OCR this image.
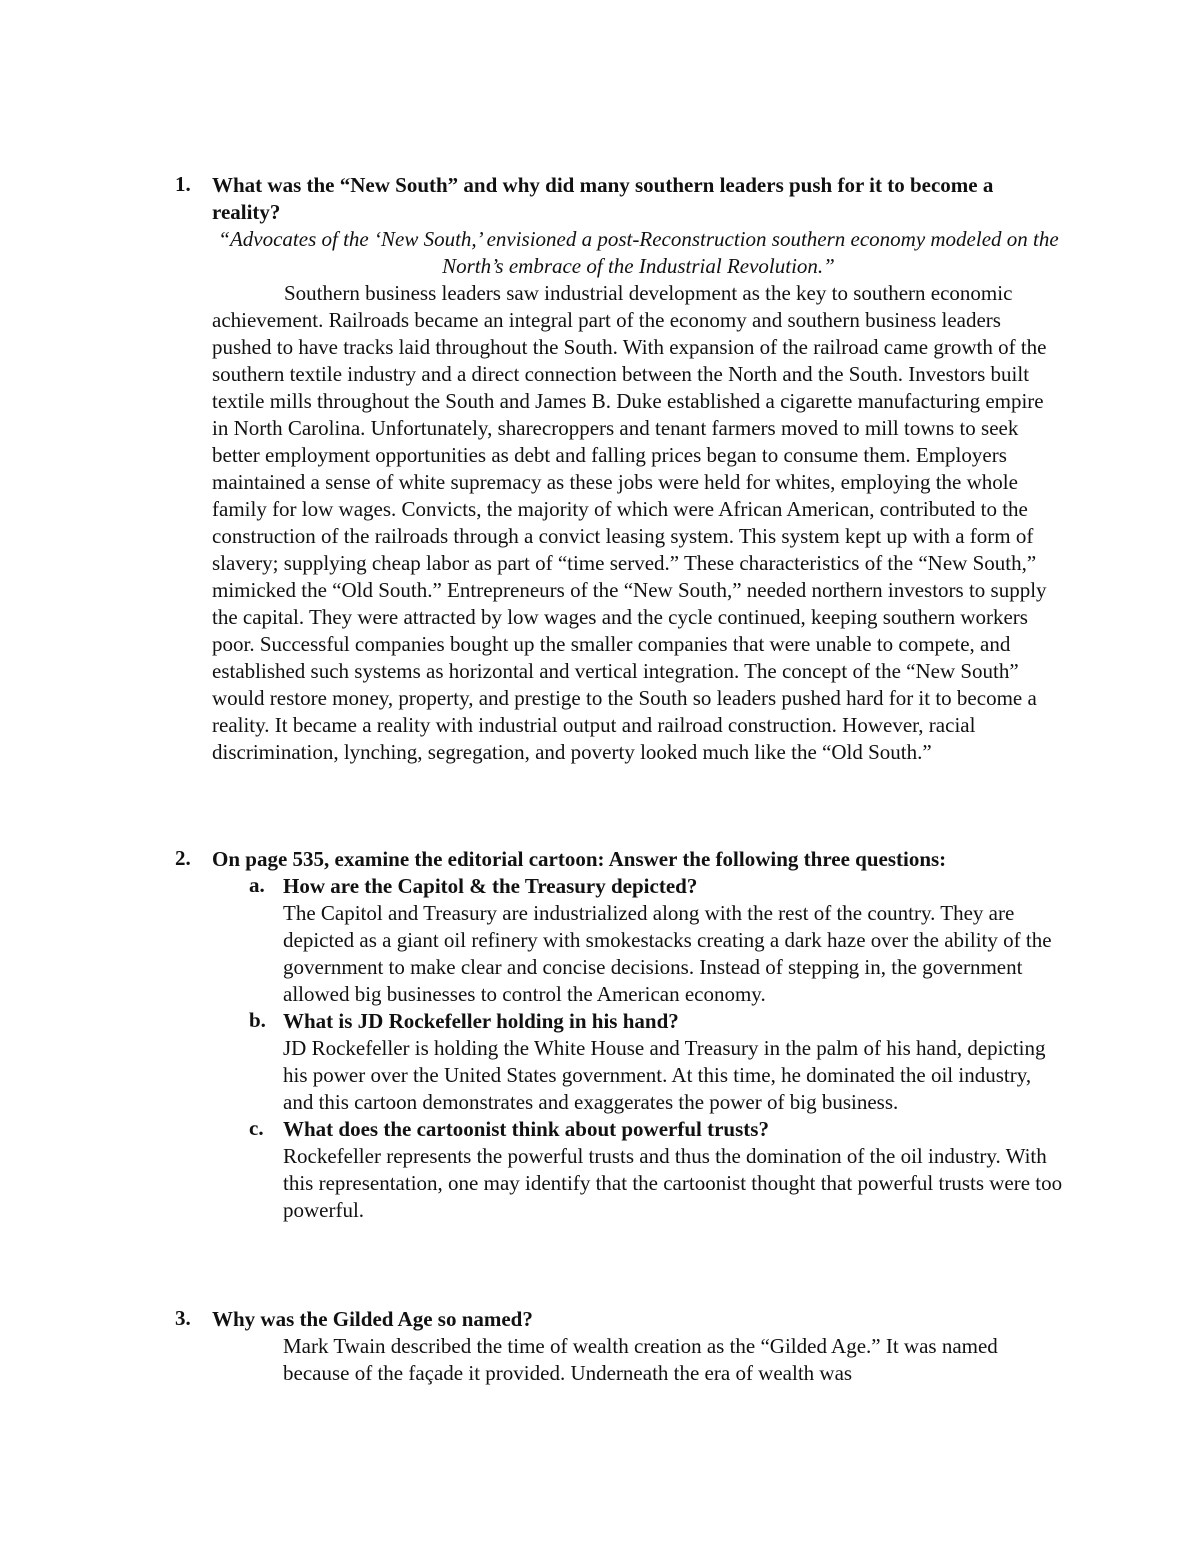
1. What was the “New South” and why did many southern leaders push for it to become a reality?
“Advocates of the ‘New South,’ envisioned a post-Reconstruction southern economy modeled on the North’s embrace of the Industrial Revolution.”
Southern business leaders saw industrial development as the key to southern economic achievement. Railroads became an integral part of the economy and southern business leaders pushed to have tracks laid throughout the South. With expansion of the railroad came growth of the southern textile industry and a direct connection between the North and the South. Investors built textile mills throughout the South and James B. Duke established a cigarette manufacturing empire in North Carolina. Unfortunately, sharecroppers and tenant farmers moved to mill towns to seek better employment opportunities as debt and falling prices began to consume them. Employers maintained a sense of white supremacy as these jobs were held for whites, employing the whole family for low wages. Convicts, the majority of which were African American, contributed to the construction of the railroads through a convict leasing system. This system kept up with a form of slavery; supplying cheap labor as part of “time served.” These characteristics of the “New South,” mimicked the “Old South.” Entrepreneurs of the “New South,” needed northern investors to supply the capital. They were attracted by low wages and the cycle continued, keeping southern workers poor. Successful companies bought up the smaller companies that were unable to compete, and established such systems as horizontal and vertical integration. The concept of the “New South” would restore money, property, and prestige to the South so leaders pushed hard for it to become a reality. It became a reality with industrial output and railroad construction. However, racial discrimination, lynching, segregation, and poverty looked much like the “Old South.”
2. On page 535, examine the editorial cartoon: Answer the following three questions:
a. How are the Capitol & the Treasury depicted?
The Capitol and Treasury are industrialized along with the rest of the country. They are depicted as a giant oil refinery with smokestacks creating a dark haze over the ability of the government to make clear and concise decisions. Instead of stepping in, the government allowed big businesses to control the American economy.
b. What is JD Rockefeller holding in his hand?
JD Rockefeller is holding the White House and Treasury in the palm of his hand, depicting his power over the United States government. At this time, he dominated the oil industry, and this cartoon demonstrates and exaggerates the power of big business.
c. What does the cartoonist think about powerful trusts?
Rockefeller represents the powerful trusts and thus the domination of the oil industry. With this representation, one may identify that the cartoonist thought that powerful trusts were too powerful.
3. Why was the Gilded Age so named?
Mark Twain described the time of wealth creation as the “Gilded Age.” It was named because of the façade it provided. Underneath the era of wealth was
